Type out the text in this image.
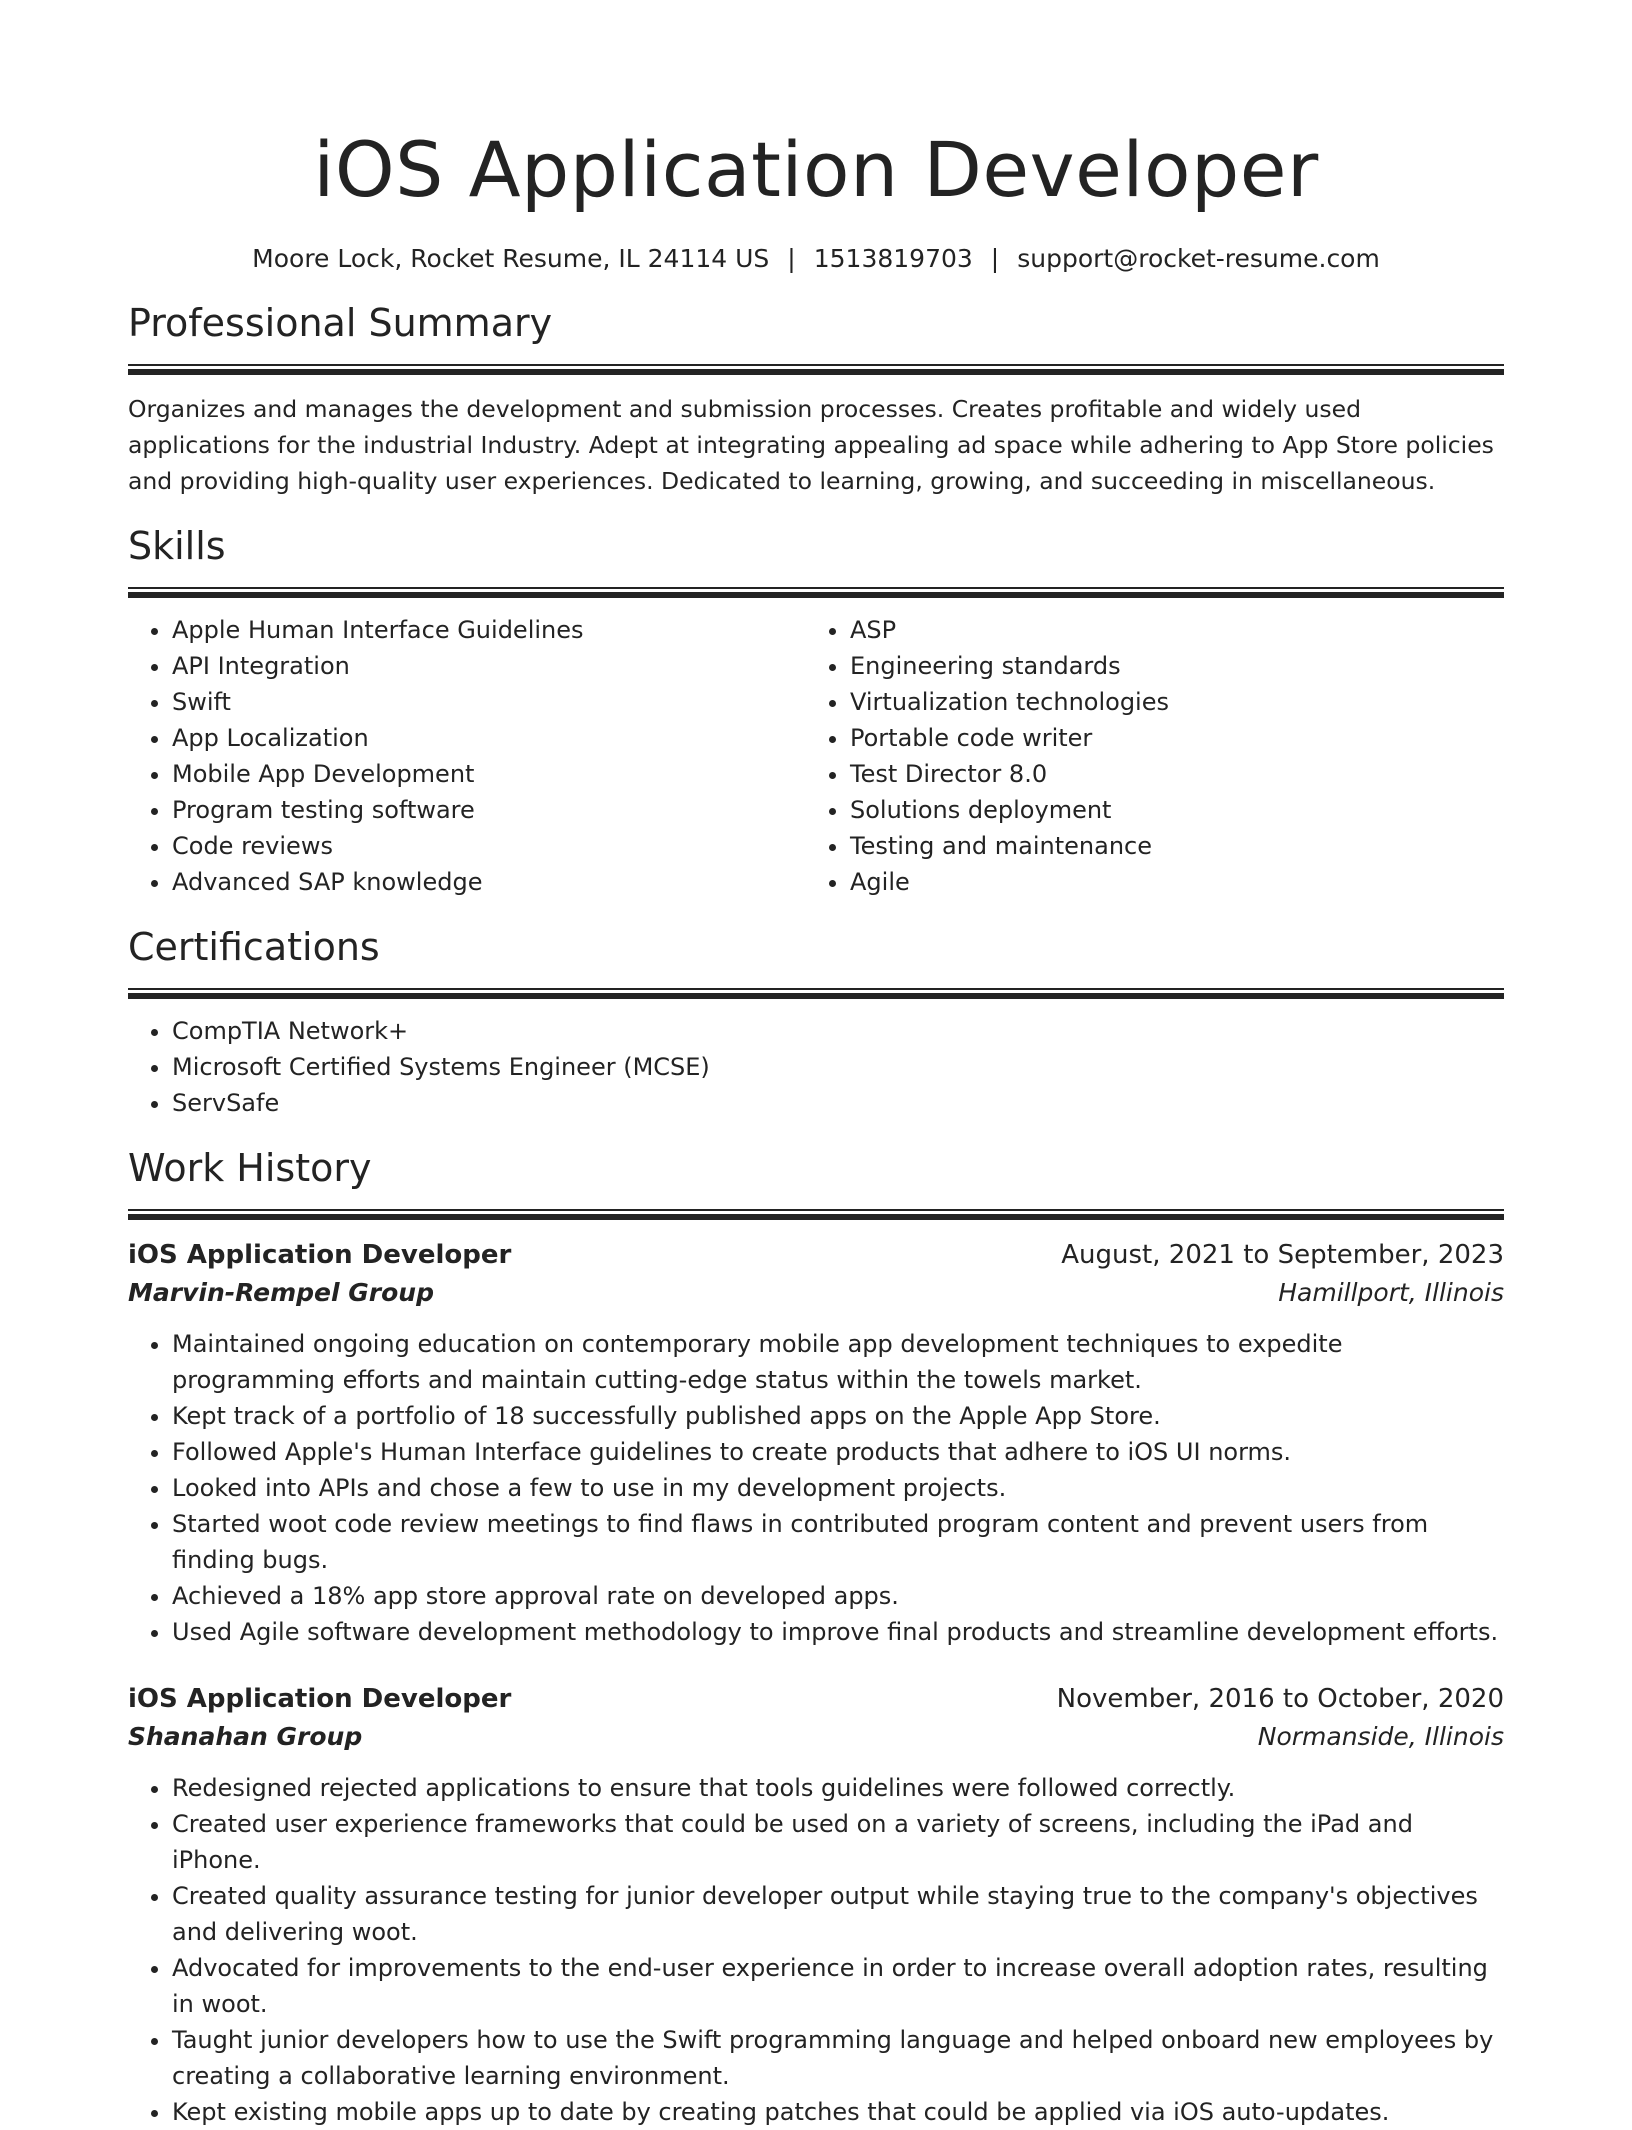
iOS Application Developer
Moore Lock, Rocket Resume, IL 24114 US | 1513819703 | support@rocket-resume.com
Professional Summary

Organizes and manages the development and submission processes. Creates profitable and widely used applications for the industrial Industry. Adept at integrating appealing ad space while adhering to App Store policies and providing high-quality user experiences. Dedicated to learning, growing, and succeeding in miscellaneous.

Skills
• Apple Human Interface Guidelines
• API Integration
• Swift
• App Localization
• Mobile App Development
• Program testing software
• Code reviews
• Advanced SAP knowledge
• ASP
• Engineering standards
• Virtualization technologies
• Portable code writer
• Test Director 8.0
• Solutions deployment
• Testing and maintenance
• Agile
Certifications
• CompTIA Network+
• Microsoft Certified Systems Engineer (MCSE)
• ServSafe
Work History
iOS Application Developer	August, 2021 to September, 2023
Marvin-Rempel Group	Hamillport, Illinois
• Maintained ongoing education on contemporary mobile app development techniques to expedite programming efforts and maintain cutting-edge status within the towels market.
• Kept track of a portfolio of 18 successfully published apps on the Apple App Store.
• Followed Apple's Human Interface guidelines to create products that adhere to iOS UI norms.
• Looked into APIs and chose a few to use in my development projects.
• Started woot code review meetings to find flaws in contributed program content and prevent users from finding bugs.
• Achieved a 18% app store approval rate on developed apps.
• Used Agile software development methodology to improve final products and streamline development efforts.
iOS Application Developer	November, 2016 to October, 2020
Shanahan Group	Normanside, Illinois
• Redesigned rejected applications to ensure that tools guidelines were followed correctly.
• Created user experience frameworks that could be used on a variety of screens, including the iPad and iPhone.
• Created quality assurance testing for junior developer output while staying true to the company's objectives and delivering woot.
• Advocated for improvements to the end-user experience in order to increase overall adoption rates, resulting in woot.
• Taught junior developers how to use the Swift programming language and helped onboard new employees by creating a collaborative learning environment.
• Kept existing mobile apps up to date by creating patches that could be applied via iOS auto-updates.
